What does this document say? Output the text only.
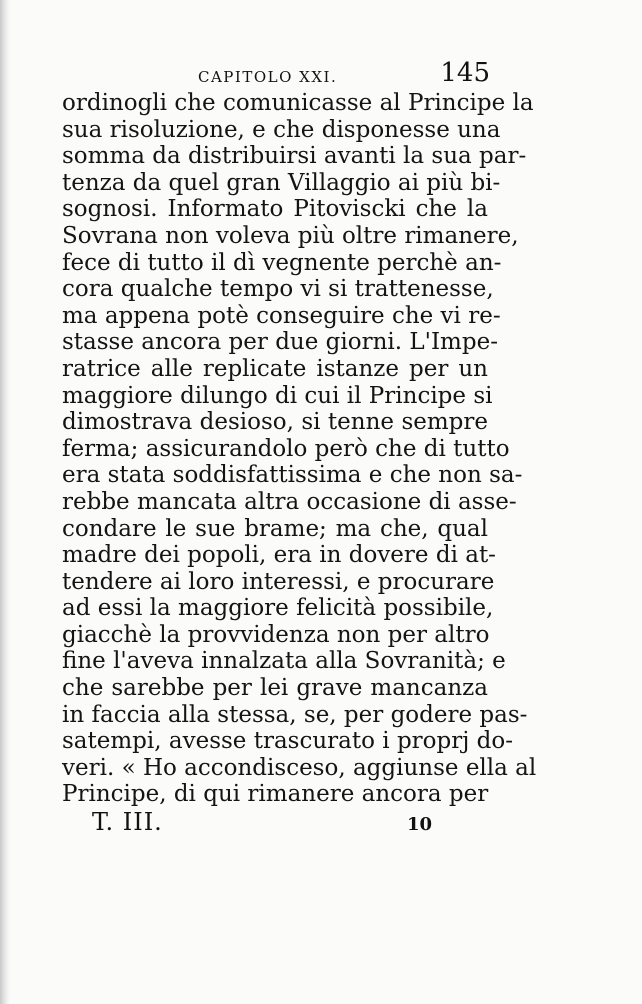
CAPITOLO XXI.	145
ordinogli che comunicasse al Principe la
sua risoluzione, e che disponesse una
somma da distribuirsi avanti la sua par-
tenza da quel gran Villaggio ai più bi-
sognosi. Informato Pitoviscki che la
Sovrana non voleva più oltre rimanere,
fece di tutto il dì vegnente perchè an-
cora qualche tempo vi si trattenesse,
ma appena potè conseguire che vi re-
stasse ancora per due giorni. L'Impe-
ratrice alle replicate istanze per un
maggiore dilungo di cui il Principe si
dimostrava desioso, si tenne sempre
ferma; assicurandolo però che di tutto
era stata soddisfattissima e che non sa-
rebbe mancata altra occasione di asse-
condare le sue brame; ma che, qual
madre dei popoli, era in dovere di at-
tendere ai loro interessi, e procurare
ad essi la maggiore felicità possibile,
giacchè la provvidenza non per altro
fine l'aveva innalzata alla Sovranità; e
che sarebbe per lei grave mancanza
in faccia alla stessa, se, per godere pas-
satempi, avesse trascurato i proprj do-
veri. « Ho accondisceso, aggiunse ella al
Principe, di qui rimanere ancora per
T. III.	10
